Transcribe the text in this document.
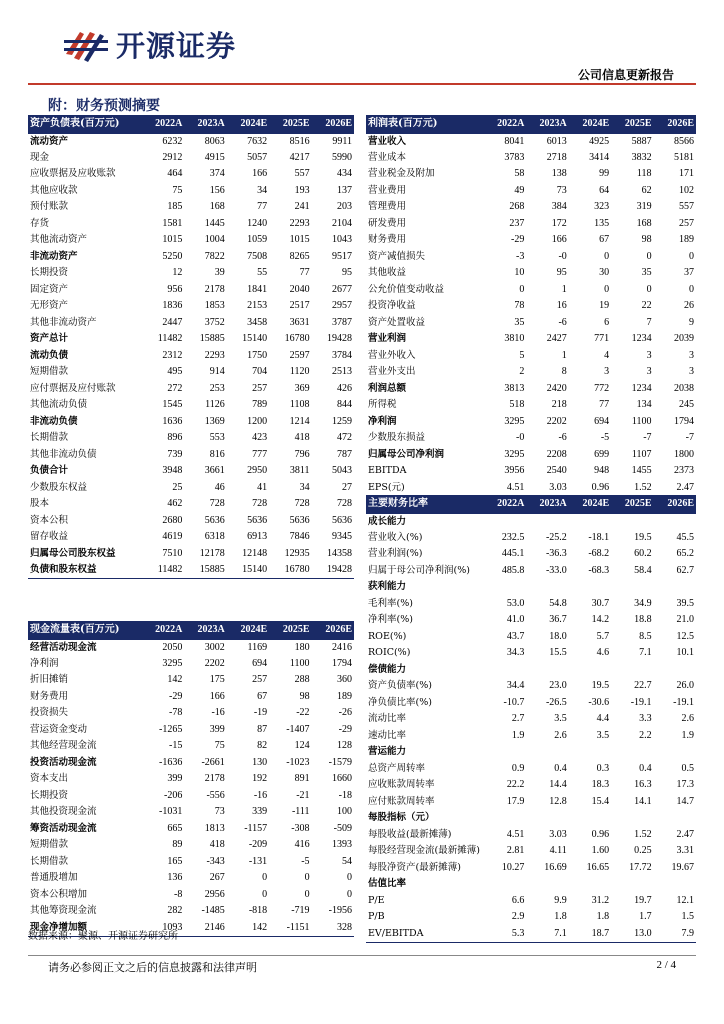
开源证券
公司信息更新报告
附：财务预测摘要
资产负债表(百万元)	2022A	2023A	2024E	2025E	2026E
流动资产	6232	8063	7632	8516	9911
现金	2912	4915	5057	4217	5990
应收票据及应收账款	464	374	166	557	434
其他应收款	75	156	34	193	137
预付账款	185	168	77	241	203
存货	1581	1445	1240	2293	2104
其他流动资产	1015	1004	1059	1015	1043
非流动资产	5250	7822	7508	8265	9517
长期投资	12	39	55	77	95
固定资产	956	2178	1841	2040	2677
无形资产	1836	1853	2153	2517	2957
其他非流动资产	2447	3752	3458	3631	3787
资产总计	11482	15885	15140	16780	19428
流动负债	2312	2293	1750	2597	3784
短期借款	495	914	704	1120	2513
应付票据及应付账款	272	253	257	369	426
其他流动负债	1545	1126	789	1108	844
非流动负债	1636	1369	1200	1214	1259
长期借款	896	553	423	418	472
其他非流动负债	739	816	777	796	787
负债合计	3948	3661	2950	3811	5043
少数股东权益	25	46	41	34	27
股本	462	728	728	728	728
资本公积	2680	5636	5636	5636	5636
留存收益	4619	6318	6913	7846	9345
归属母公司股东权益	7510	12178	12148	12935	14358
负债和股东权益	11482	15885	15140	16780	19428
利润表(百万元)	2022A	2023A	2024E	2025E	2026E
营业收入	8041	6013	4925	5887	8566
营业成本	3783	2718	3414	3832	5181
营业税金及附加	58	138	99	118	171
营业费用	49	73	64	62	102
管理费用	268	384	323	319	557
研发费用	237	172	135	168	257
财务费用	-29	166	67	98	189
资产减值损失	-3	-0	0	0	0
其他收益	10	95	30	35	37
公允价值变动收益	0	1	0	0	0
投资净收益	78	16	19	22	26
资产处置收益	35	-6	6	7	9
营业利润	3810	2427	771	1234	2039
营业外收入	5	1	4	3	3
营业外支出	2	8	3	3	3
利润总额	3813	2420	772	1234	2038
所得税	518	218	77	134	245
净利润	3295	2202	694	1100	1794
少数股东损益	-0	-6	-5	-7	-7
归属母公司净利润	3295	2208	699	1107	1800
EBITDA	3956	2540	948	1455	2373
EPS(元)	4.51	3.03	0.96	1.52	2.47
主要财务比率	2022A	2023A	2024E	2025E	2026E
成长能力					
营业收入(%)	232.5	-25.2	-18.1	19.5	45.5
营业利润(%)	445.1	-36.3	-68.2	60.2	65.2
归属于母公司净利润(%)	485.8	-33.0	-68.3	58.4	62.7
获利能力					
毛利率(%)	53.0	54.8	30.7	34.9	39.5
净利率(%)	41.0	36.7	14.2	18.8	21.0
ROE(%)	43.7	18.0	5.7	8.5	12.5
ROIC(%)	34.3	15.5	4.6	7.1	10.1
偿债能力					
资产负债率(%)	34.4	23.0	19.5	22.7	26.0
净负债比率(%)	-10.7	-26.5	-30.6	-19.1	-19.1
流动比率	2.7	3.5	4.4	3.3	2.6
速动比率	1.9	2.6	3.5	2.2	1.9
营运能力					
总资产周转率	0.9	0.4	0.3	0.4	0.5
应收账款周转率	22.2	14.4	18.3	16.3	17.3
应付账款周转率	17.9	12.8	15.4	14.1	14.7
每股指标（元）					
每股收益(最新摊薄)	4.51	3.03	0.96	1.52	2.47
每股经营现金流(最新摊薄)	2.81	4.11	1.60	0.25	3.31
每股净资产(最新摊薄)	10.27	16.69	16.65	17.72	19.67
估值比率					
P/E	6.6	9.9	31.2	19.7	12.1
P/B	2.9	1.8	1.8	1.7	1.5
EV/EBITDA	5.3	7.1	18.7	13.0	7.9
现金流量表(百万元)	2022A	2023A	2024E	2025E	2026E
经营活动现金流	2050	3002	1169	180	2416
净利润	3295	2202	694	1100	1794
折旧摊销	142	175	257	288	360
财务费用	-29	166	67	98	189
投资损失	-78	-16	-19	-22	-26
营运资金变动	-1265	399	87	-1407	-29
其他经营现金流	-15	75	82	124	128
投资活动现金流	-1636	-2661	130	-1023	-1579
资本支出	399	2178	192	891	1660
长期投资	-206	-556	-16	-21	-18
其他投资现金流	-1031	73	339	-111	100
筹资活动现金流	665	1813	-1157	-308	-509
短期借款	89	418	-209	416	1393
长期借款	165	-343	-131	-5	54
普通股增加	136	267	0	0	0
资本公积增加	-8	2956	0	0	0
其他筹资现金流	282	-1485	-818	-719	-1956
现金净增加额	1093	2146	142	-1151	328
数据来源：聚源、开源证券研究所
请务必参阅正文之后的信息披露和法律声明	2 / 4
